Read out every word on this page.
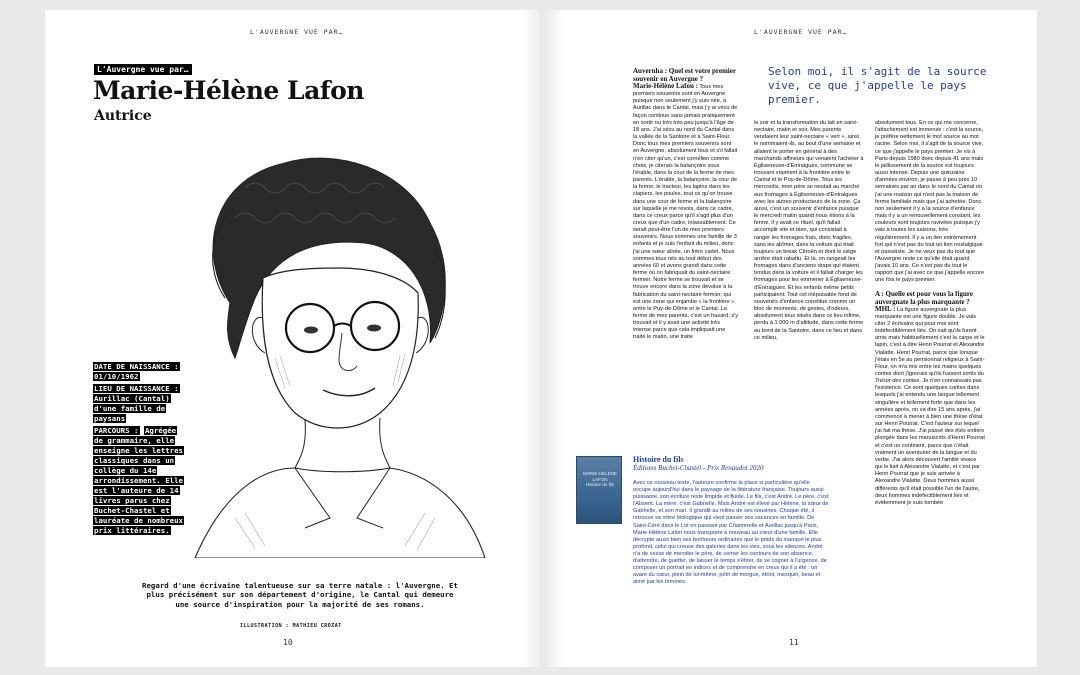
L'AUVERGNE VUE PAR…
L'Auvergne vue par…
Marie-Hélène Lafon
Autrice
DATE DE NAISSANCE : 01/10/1962
LIEU DE NAISSANCE : Aurillac (Cantal) d'une famille de paysans
PARCOURS : Agrégée de grammaire, elle enseigne les lettres classiques dans un collège du 14e arrondissement. Elle est l'auteure de 14 livres parus chez Buchet-Chastel et lauréate de nombreux prix littéraires.
Regard d'une écrivaine talentueuse sur sa terre natale : l'Auvergne. Et plus précisément sur son département d'origine, le Cantal qui demeure une source d'inspiration pour la majorité de ses romans.
ILLUSTRATION : MATHIEU CROZAT
10
L'AUVERGNE VUE PAR…
Auvernha : Quel est votre premier souvenir en Auvergne ?
Marie-Hélène Lafon : Tous mes premiers souvenirs sont en Auvergne puisque non seulement j'y suis née, à Aurillac dans le Cantal, mais j'y ai vécu de façon continue sans jamais pratiquement en sortir ou très très peu jusqu'à l'âge de 18 ans. J'ai vécu au nord du Cantal dans la vallée de la Santoire et à Saint-Flour. Donc tous mes premiers souvenirs sont en Auvergne, absolument tous et s'il fallait n'en citer qu'un, c'est cornélien comme choix, je citerais la balançoire sous l'érable, dans la cour de la ferme de mes parents. L'érable, la balançoire, la cour de la ferme, le tracteur, les lapins dans les clapiers, les poules, tout ce qu'on trouve dans une cour de ferme et la balançoire sur laquelle je me revois, dans ce cadre, dans ce creux parce qu'il s'agit plus d'un creux que d'un cadre, inlassablement. Ce serait peut-être l'un de mes premiers souvenirs. Nous sommes une famille de 3 enfants et je suis l'enfant du milieu, donc j'ai une sœur aînée, un frère cadet. Nous sommes tous nés au tout début des années 60 et avons grandi dans cette ferme où on fabriquait du saint-nectaire fermier. Notre ferme se trouvait et se trouve encore dans la zone dévolue à la fabrication du saint-nectaire fermier, qui est une zone qui enjambe « la frontière » entre le Puy-de-Dôme et le Cantal. La ferme de mes parents, c'est un hasard, s'y trouvait et il y avait une activité très intense parce que cela impliquait une traite le matin, une traite
Selon moi, il s'agit de la source vive, ce que j'appelle le pays premier.
le soir et la transformation du lait en saint-nectaire, matin et soir. Mes parents vendaient leur saint-nectaire « vert », ainsi le nommaient-ils, au bout d'une semaine et allaient le porter en général à des marchands affineurs qui venaient l'acheter à Égliseneuve-d'Entraigues, commune se trouvant vraiment à la frontière entre le Cantal et le Puy-de-Dôme. Tous les mercredis, mon père se rendait au marché aux fromages à Égliseneuve-d'Entraigues avec les autres producteurs de la zone. Ça aussi, c'est un souvenir d'enfance puisque le mercredi matin quand nous étions à la ferme, il y avait ce rituel, qu'il fallait accomplir vite et bien, qui consistait à ranger les fromages frais, donc fragiles, sans les abîmer, dans la voiture qui était toujours un break Citroën et dont le siège arrière était rabattu. Et là, on rangeait les fromages dans d'anciens draps qui étaient tendus dans la voiture et il fallait charger les fromages pour les emmener à Égliseneuve-d'Entraigues. Et les enfants même petits participaient. Tout cet inépuisable fond de souvenirs d'enfance constitue comme un bloc de moments, de gestes, d'odeurs, absolument tous situés dans ce lieu infime, perdu à 1 000 m d'altitude, dans cette ferme au bord de la Santoire, dans ce lieu et dans ce milieu,
absolument tous. En ce qui me concerne, l'attachement est immense : c'est la source, je préfère nettement le mot source au mot racine. Selon moi, il s'agit de la source vive, ce que j'appelle le pays premier. Je vis à Paris depuis 1980 donc depuis 41 ans mais le jaillissement de la source est toujours aussi intense. Depuis une quinzaine d'années environ, je passe à peu près 10 semaines par an dans le nord du Cantal où j'ai une maison qui n'est pas la maison de ferme familiale mais que j'ai achetée. Donc non seulement il y a la source d'enfance mais il y a un renouvellement constant, les couleurs sont toujours ravivées puisque j'y vais à toutes les saisons, très régulièrement. Il y a un lien extrêmement fort qui n'est pas du tout un lien nostalgique et passéiste. Je ne veux pas du tout que l'Auvergne reste ce qu'elle était quand j'avais 10 ans. Ce n'est pas du tout le rapport que j'ai avec ce que j'appelle encore une fois le pays premier.
A : Quelle est pour vous la figure auvergnate la plus marquante ?
MHL : La figure auvergnate la plus marquante est une figure double. Je vais citer 2 écrivains qui pour moi sont indéfectiblement liés. On sait qu'ils furent amis mais habituellement c'est la carpe et le lapin, c'est à dire Henri Pourrat et Alexandre Vialatte. Henri Pourrat, parce que lorsque j'étais en 5e au pensionnat religieux à Saint-Flour, on m'a mis entre les mains quelques contes dont j'ignorais qu'ils fussent sortis du Trésor des contes. Je n'en connaissais pas l'existence. Ce sont quelques contes dans lesquels j'ai entendu une langue tellement singulière et tellement forte que dans les années après, on va dire 15 ans après, j'ai commencé à mener à bien une thèse d'état sur Henri Pourrat. C'est l'auteur sur lequel j'ai fait ma thèse. J'ai passé des étés entiers plongée dans les manuscrits d'Henri Pourrat et c'est un continent, parce que c'était vraiment un aventurier de la langue et du verbe. J'ai alors découvert l'amitié vivace qui le liait à Alexandre Vialatte, et c'est par Henri Pourrat que je suis arrivée à Alexandre Vialatte. Deux hommes aussi différents qu'il était possible l'un de l'autre, deux hommes indéfectiblement liés et évidemment je suis tombée
MARIE-HÉLÈNE LAFON
Histoire du fils
Histoire du fils
Éditions Buchet-Chastel - Prix Renaudot 2020
Avec ce nouveau texte, l'auteure confirme la place si particulière qu'elle occupe aujourd'hui dans le paysage de la littérature française. Toujours aussi puissante, son écriture reste limpide et fluide. Le fils, c'est André. Le père, c'est l'Absent. La mère, c'est Gabrielle. Mais André est élevé par Hélène, la sœur de Gabrielle, et son mari. Il grandit au milieu de ses cousines. Chaque été, il retrouve sa mère biologique qui vient passer ses vacances en famille. De Saint-Céré dans le Lot en passant par Chanterelle et Aurillac jusqu'à Paris, Marie-Hélène Lafon nous transporte à nouveau au cœur d'une famille. Elle décrypte aussi bien ses bonheurs ordinaires que le poids du manque le plus profond, celui qui creuse des galeries dans les vies, sous les silences. André n'a de cesse de mendier le père, de cerner les contours de son absence, d'attendre, de guetter, de laisser le temps s'étirer, de se cogner à l'urgence, de composer un portrait en indices et de comprendre en creux qui il a été : un avare du cœur, plein de lui-même, pétri de morgue, étroit, mesquin, beau et aimé par les femmes.
11
